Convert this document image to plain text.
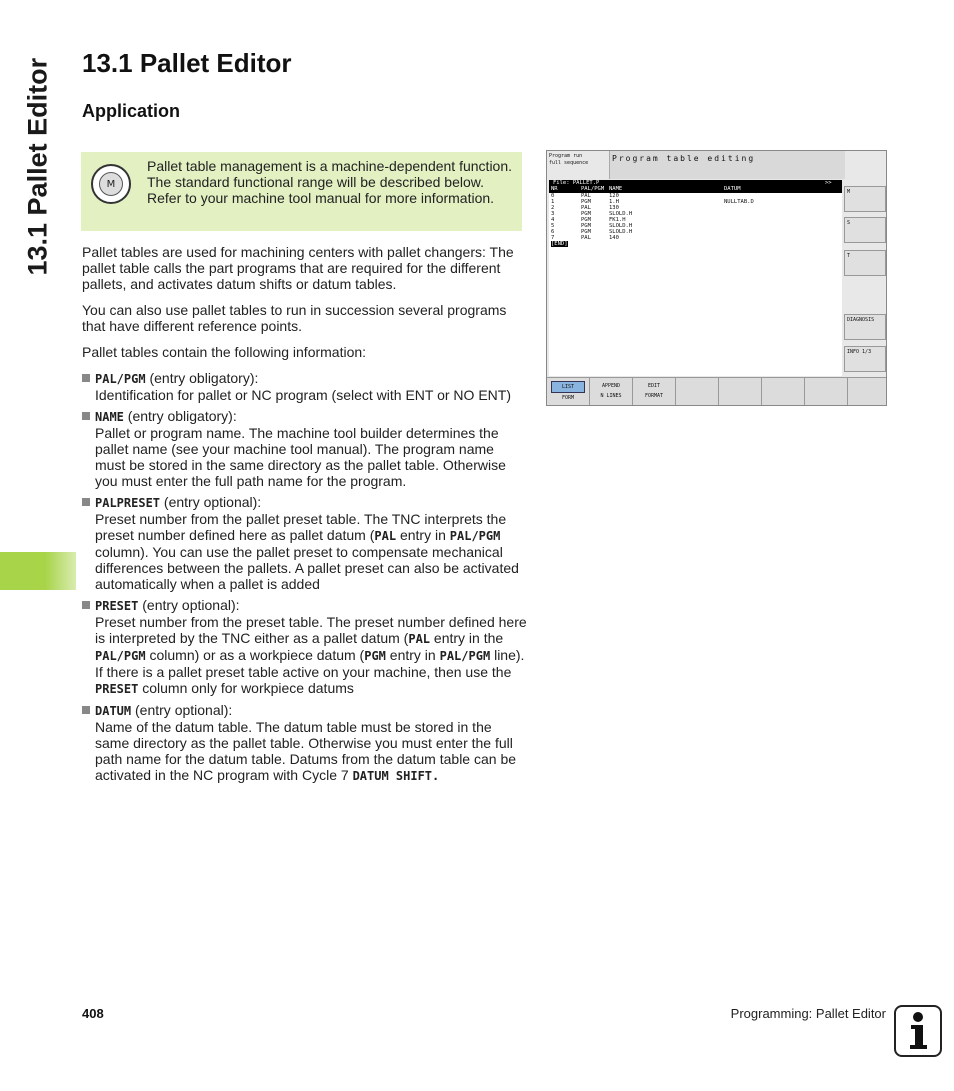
13.1 Pallet Editor 13.1 Pallet Editor
Application
M
Pallet table management is a machine-dependent function. The standard functional range will be described below. Refer to your machine tool manual for more information.

Pallet tables are used for machining centers with pallet changers: The pallet table calls the part programs that are required for the different pallets, and activates datum shifts or datum tables.

You can also use pallet tables to run in succession several programs that have different reference points.

Pallet tables contain the following information:

PAL/PGM (entry obligatory):
Identification for pallet or NC program (select with ENT or NO ENT)
NAME (entry obligatory):
Pallet or program name. The machine tool builder determines the pallet name (see your machine tool manual). The program name must be stored in the same directory as the pallet table. Otherwise you must enter the full path name for the program.
PALPRESET (entry optional):
Preset number from the pallet preset table. The TNC interprets the preset number defined here as pallet datum (PAL entry in PAL/PGM column). You can use the pallet preset to compensate mechanical differences between the pallets. A pallet preset can also be activated automatically when a pallet is added
PRESET (entry optional):
Preset number from the preset table. The preset number defined here is interpreted by the TNC either as a pallet datum (PAL entry in the PAL/PGM column) or as a workpiece datum (PGM entry in PAL/PGM line). If there is a pallet preset table active on your machine, then use the PRESET column only for workpiece datums
DATUM (entry optional):
Name of the datum table. The datum table must be stored in the same directory as the pallet table. Otherwise you must enter the full path name for the datum table. Datums from the datum table can be activated in the NC program with Cycle 7 DATUM SHIFT.
Program run
full sequence	Program table editing
File: PALLET.P	>>
NR	PAL/PGM NAME	DATUM
0	PAL	120
1	PGM	1.H	NULLTAB.D
2	PAL	130
3	PGM	SLOLD.H
4	PGM	FK1.H
5	PGM	SLOLD.H
6	PGM	SLOLD.H
7	PAL	140
[END]
M
S
T
DIAGNOSIS
INFO 1/3
LIST
FORM
APPEND
N LINES
EDIT
FORMAT
408	Programming: Pallet Editor
